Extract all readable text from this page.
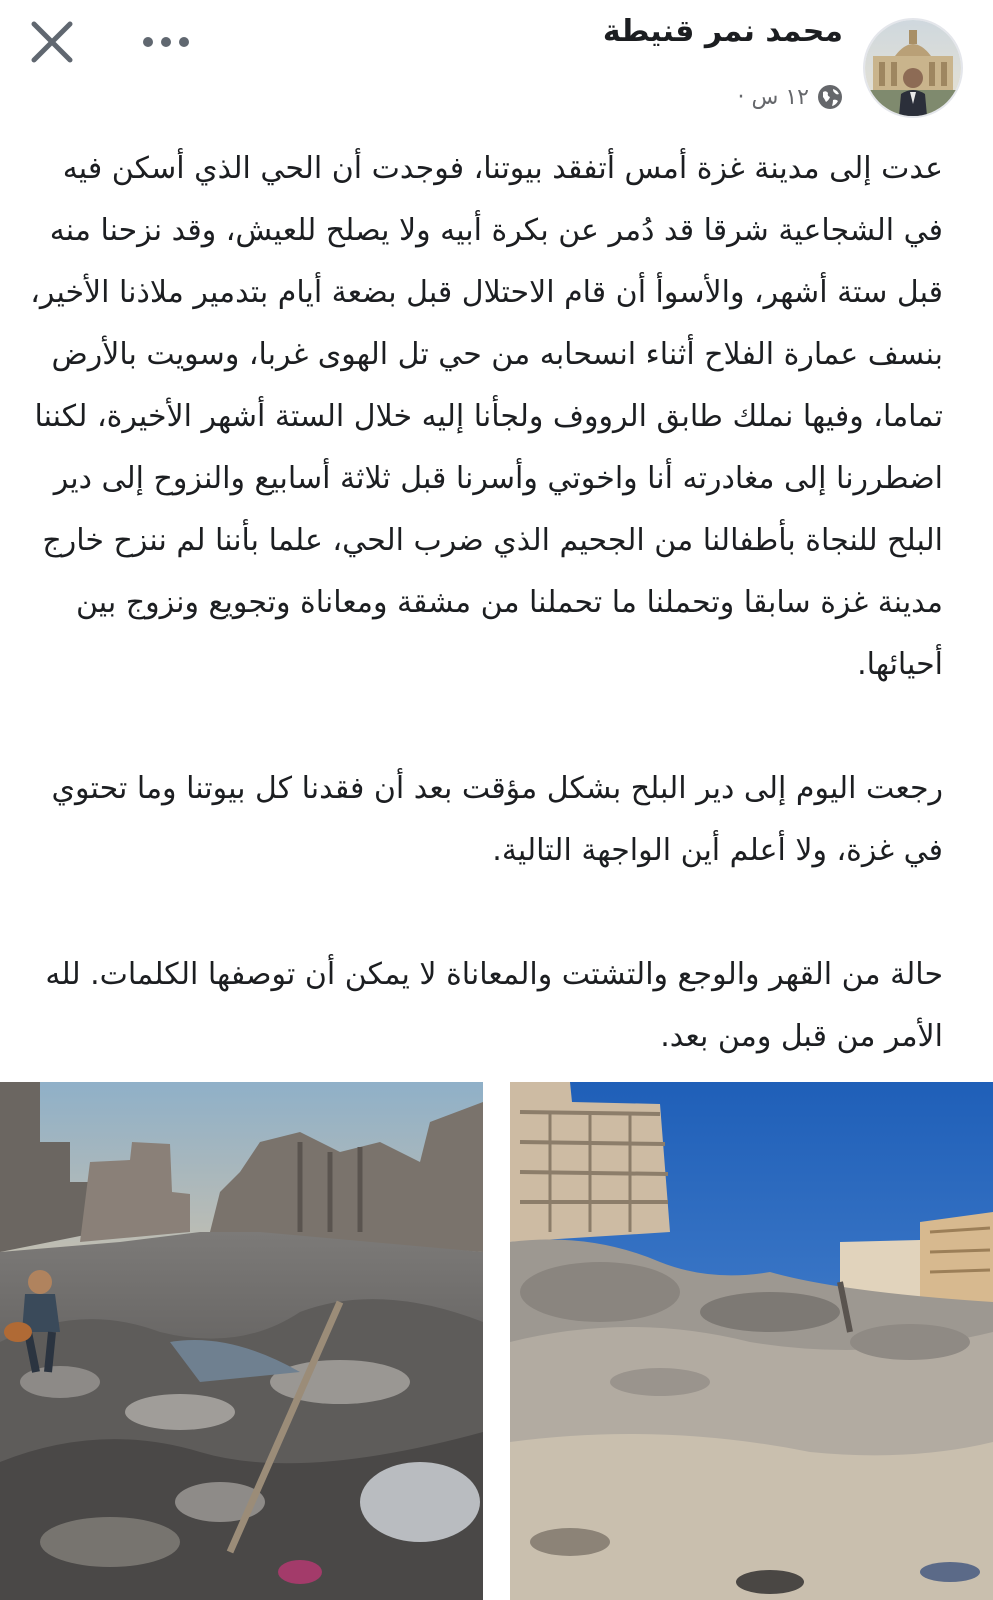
محمد نمر قنيطة
١٢ س ·

عدت إلى مدينة غزة أمس أتفقد بيوتنا، فوجدت أن الحي الذي أسكن فيه في الشجاعية شرقا قد دُمر عن بكرة أبيه ولا يصلح للعيش، وقد نزحنا منه قبل ستة أشهر، والأسوأ أن قام الاحتلال قبل بضعة أيام بتدمير ملاذنا الأخير، بنسف عمارة الفلاح أثناء انسحابه من حي تل الهوى غربا، وسويت بالأرض تماما، وفيها نملك طابق الرووف ولجأنا إليه خلال الستة أشهر الأخيرة، لكننا اضطررنا إلى مغادرته أنا واخوتي وأسرنا قبل ثلاثة أسابيع والنزوح إلى دير البلح للنجاة بأطفالنا من الجحيم الذي ضرب الحي، علما بأننا لم ننزح خارج مدينة غزة سابقا وتحملنا ما تحملنا من مشقة ومعاناة وتجويع ونزوج بين أحيائها.

رجعت اليوم إلى دير البلح بشكل مؤقت بعد أن فقدنا كل بيوتنا وما تحتوي في غزة، ولا أعلم أين الواجهة التالية.

حالة من القهر والوجع والتشتت والمعاناة لا يمكن أن توصفها الكلمات. لله الأمر من قبل ومن بعد.
